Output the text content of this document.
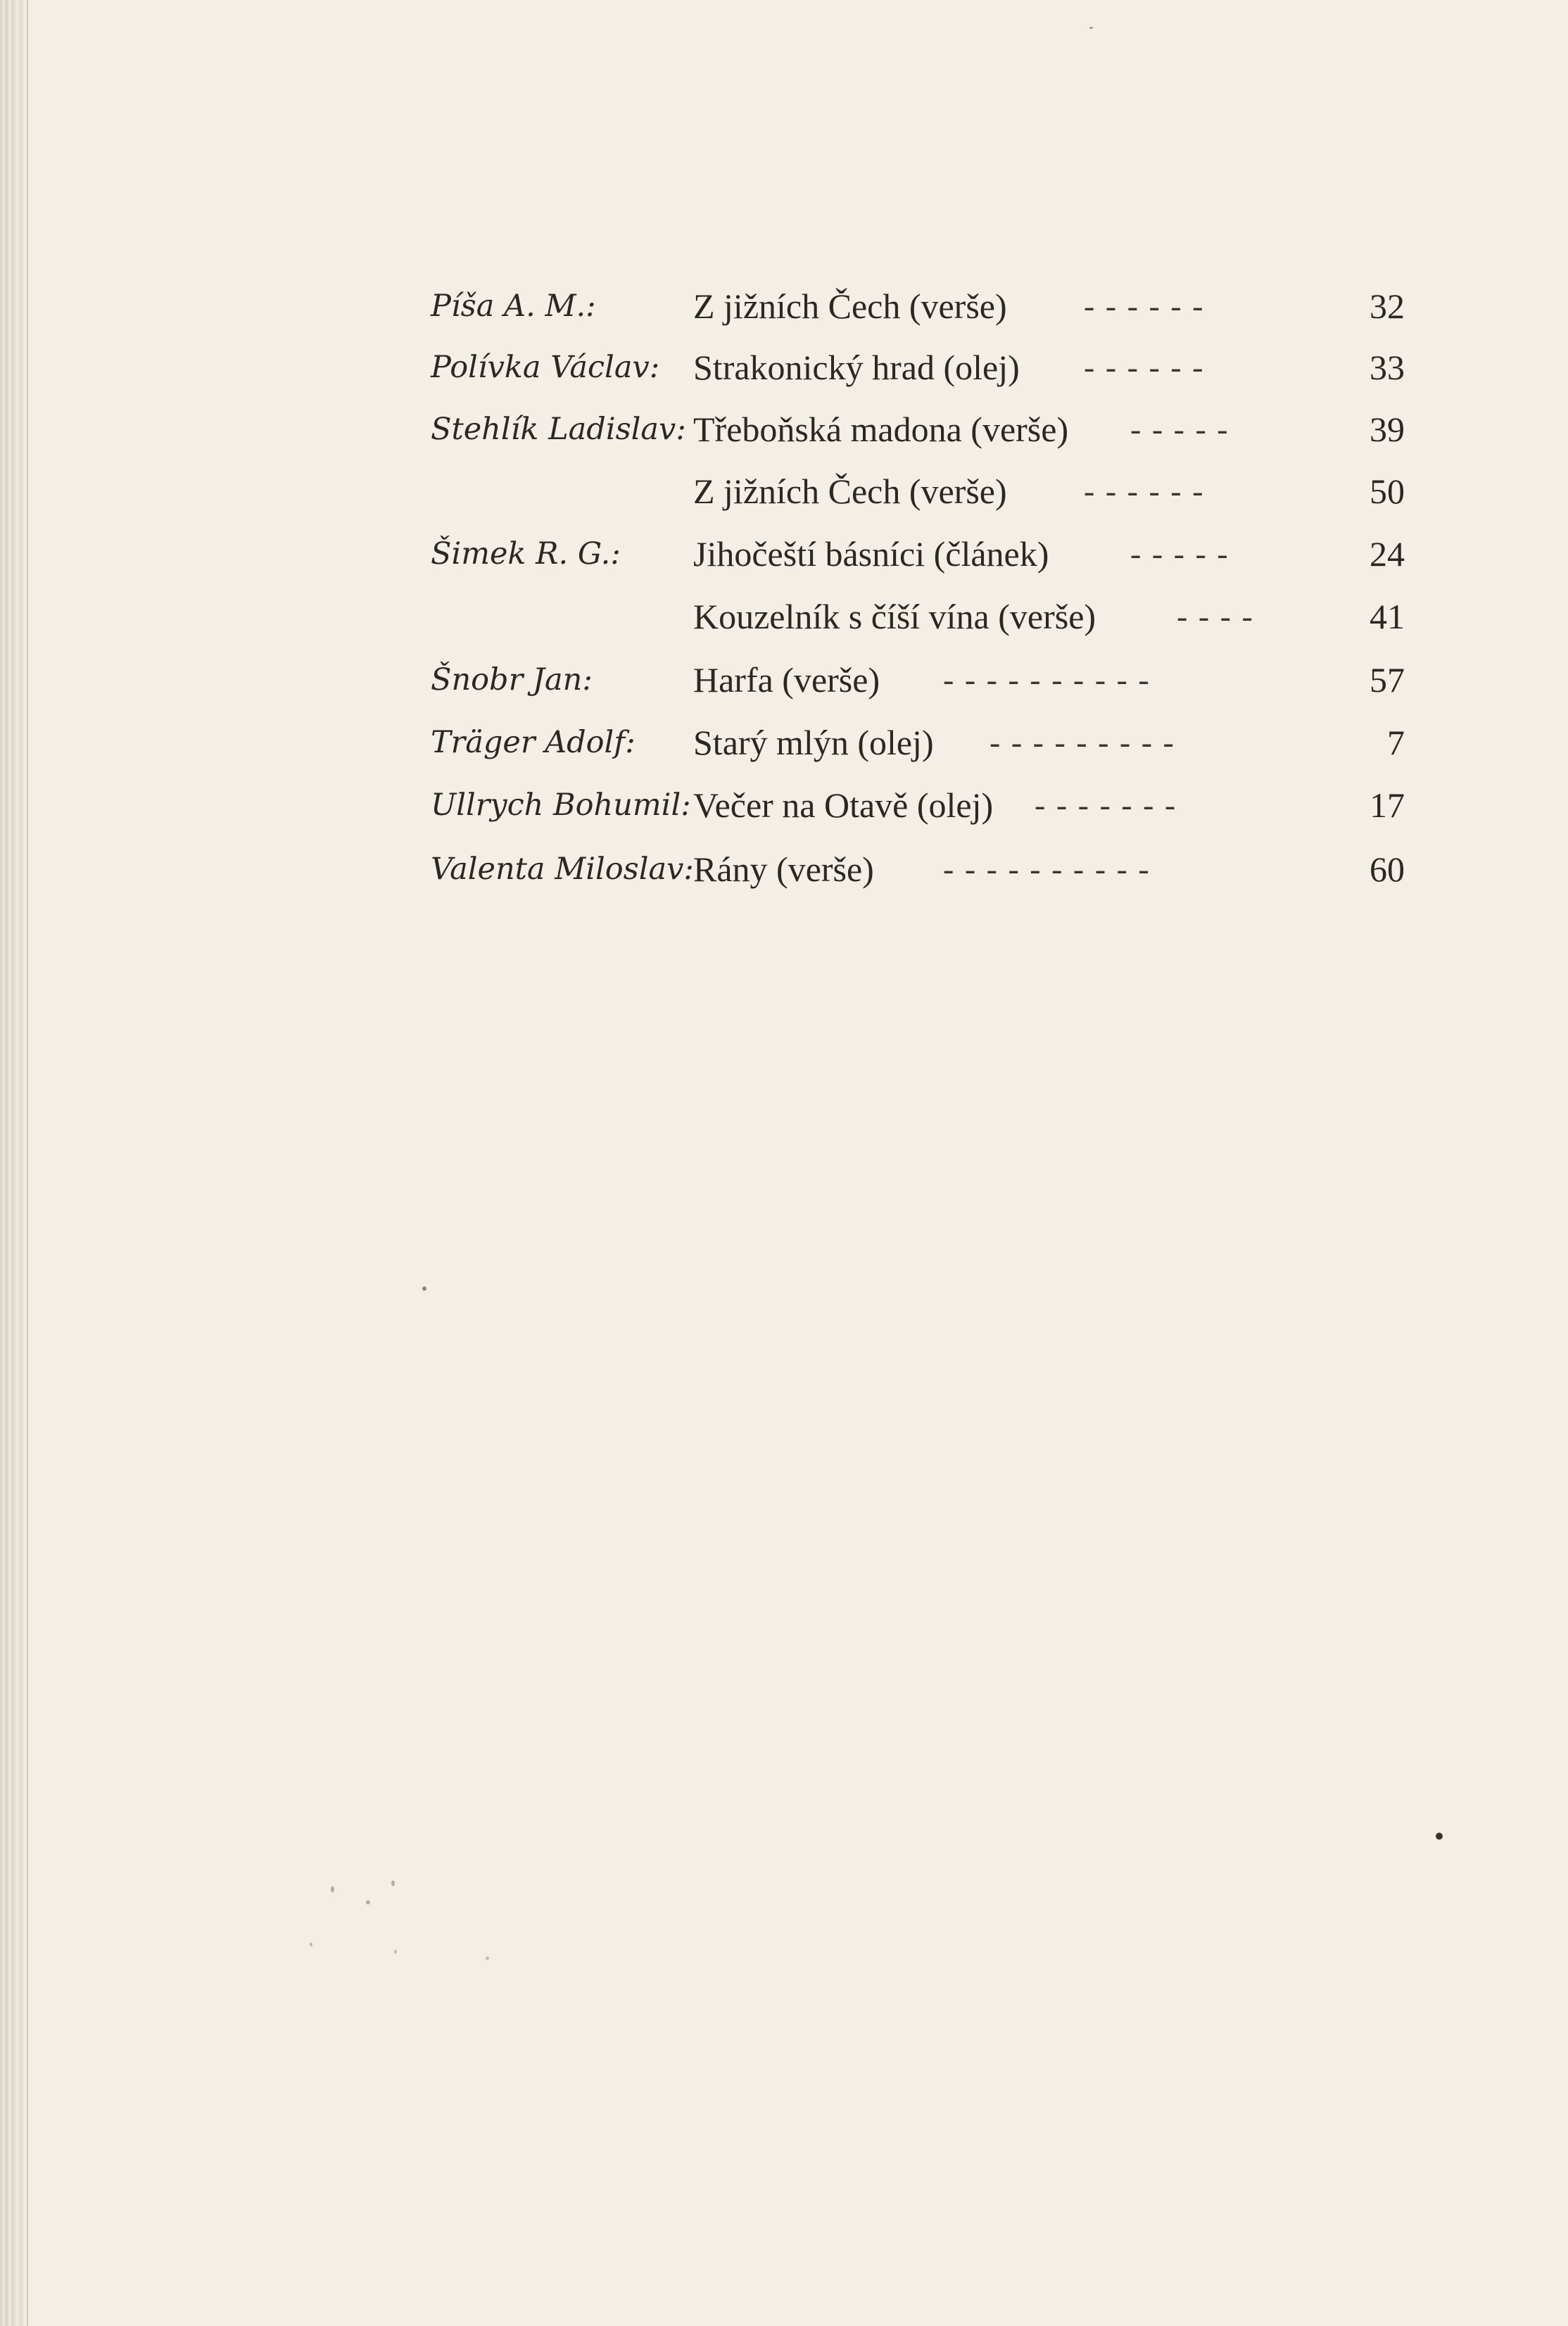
Píša A. M.:	Z jižních Čech (verše) - - - - - -	32
Polívka Václav: Strakonický hrad (olej) - - - - - -	33
Stehlík Ladislav: Třeboňská madona (verše) - - - - -	39
Z jižních Čech (verše) - - - - - -	50
Šimek R. G.: Jihočeští básníci (článek)	- - - - -	24
Kouzelník s číší vína (verše) - - - -	41
Šnobr Jan:	Harfa (verše) - - - - - - - - - -	57
Träger Adolf: Starý mlýn (olej) - - - - - - - - -	7
Ullrych Bohumil: Večer na Otavě (olej) - - - - - - -	17
Valenta Miloslav: Rány (verše) - - - - - - - - - -	60
